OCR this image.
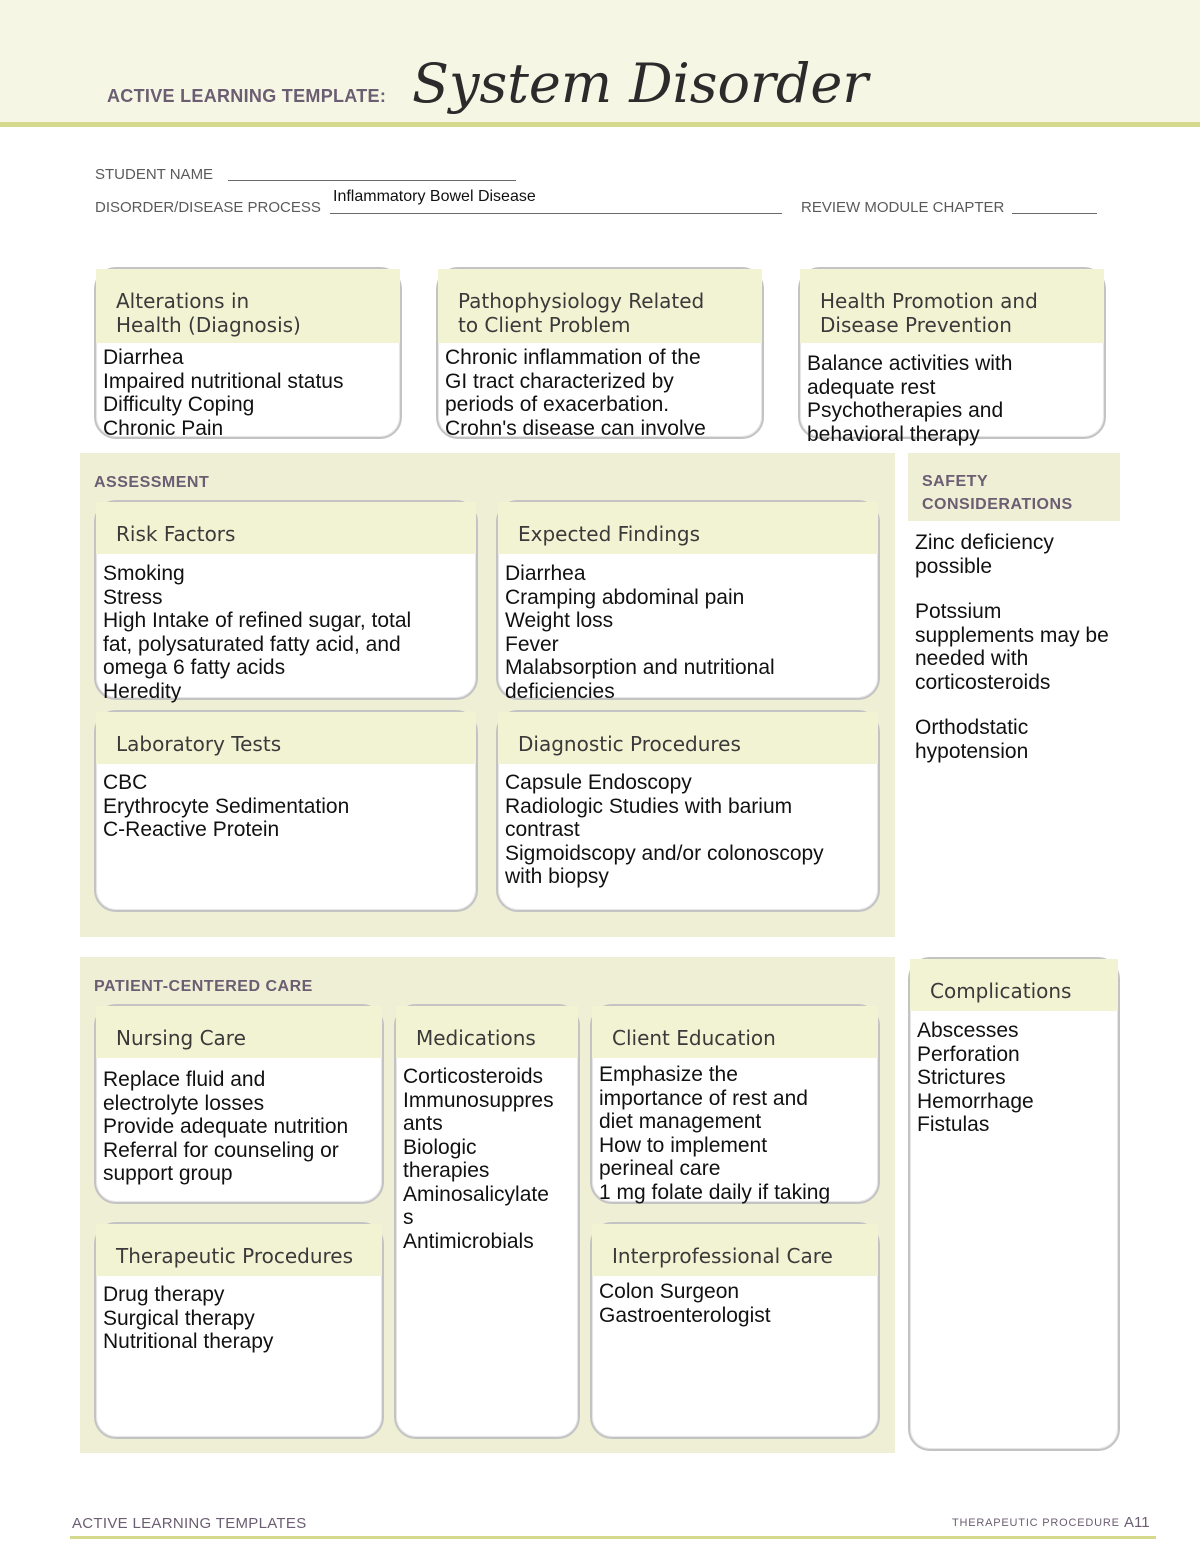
ACTIVE LEARNING TEMPLATE: System Disorder
STUDENT NAME
DISORDER/DISEASE PROCESS
Inflammatory Bowel Disease
REVIEW MODULE CHAPTER
Alterations in
Health (Diagnosis)
Diarrhea
Impaired nutritional status
Difficulty Coping
Chronic Pain
Pathophysiology Related
to Client Problem
Chronic inflammation of the
GI tract characterized by
periods of exacerbation.
Crohn's disease can involve
Health Promotion and
Disease Prevention
Balance activities with
adequate rest
Psychotherapies and
behavioral therapy
ASSESSMENT
Risk Factors
Smoking
Stress
High Intake of refined sugar, total
fat, polysaturated fatty acid, and
omega 6 fatty acids
Heredity
Expected Findings
Diarrhea
Cramping abdominal pain
Weight loss
Fever
Malabsorption and nutritional
deficiencies
Laboratory Tests
CBC
Erythrocyte Sedimentation
C-Reactive Protein
Diagnostic Procedures
Capsule Endoscopy
Radiologic Studies with barium
contrast
Sigmoidscopy and/or colonoscopy
with biopsy
SAFETY
CONSIDERATIONS

Zinc deficiency possible

Potssium supplements may be needed with corticosteroids

Orthodstatic hypotension

PATIENT-CENTERED CARE
Nursing Care
Replace fluid and
electrolyte losses
Provide adequate nutrition
Referral for counseling or
support group
Medications
Corticosteroids
Immunosuppres
ants
Biologic
therapies
Aminosalicylate
s
Antimicrobials
Client Education
Emphasize the
importance of rest and
diet management
How to implement
perineal care
1 mg folate daily if taking
Therapeutic Procedures
Drug therapy
Surgical therapy
Nutritional therapy
Interprofessional Care
Colon Surgeon
Gastroenterologist
Complications
Abscesses
Perforation
Strictures
Hemorrhage
Fistulas
ACTIVE LEARNING TEMPLATES	THERAPEUTIC PROCEDURE A11
